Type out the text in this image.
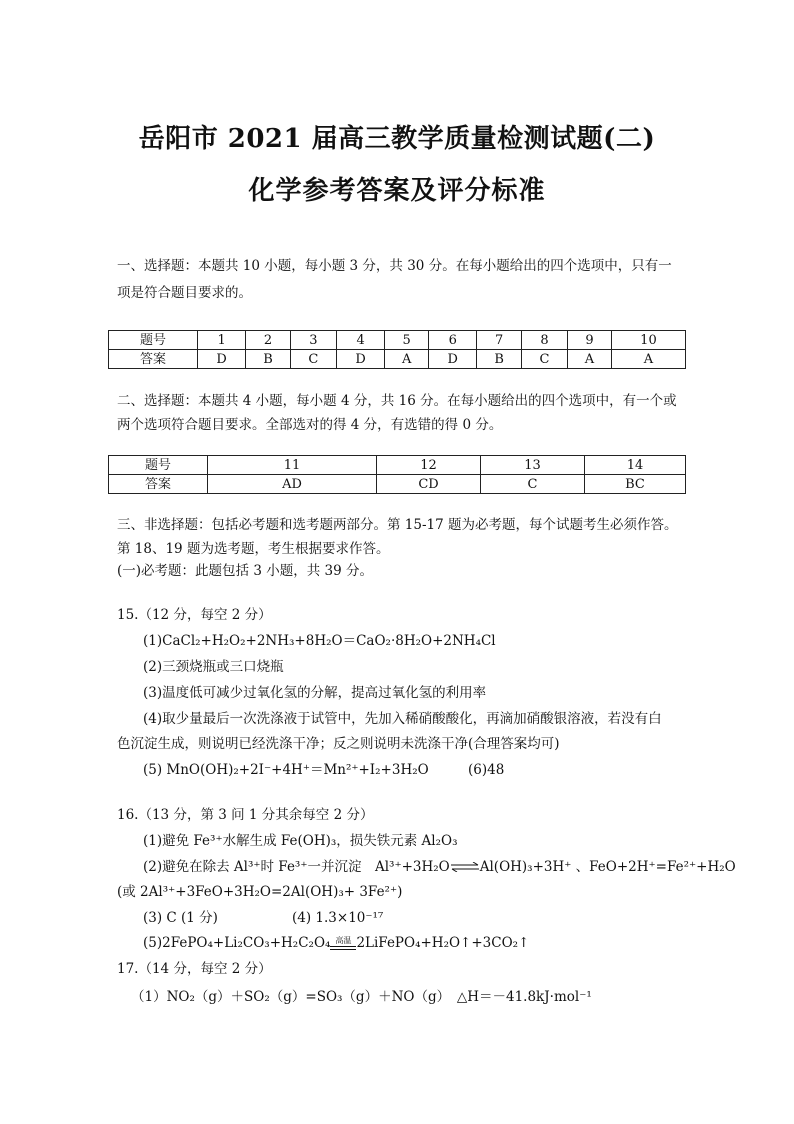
岳阳市 2021 届高三教学质量检测试题(二)
化学参考答案及评分标准
一、选择题：本题共 10 小题，每小题 3 分，共 30 分。在每小题给出的四个选项中，只有一
项是符合题目要求的。
题号	1	2	3	4	5	6	7	8	9	10
答案	D	B	C	D	A	D	B	C	A	A
二、选择题：本题共 4 小题，每小题 4 分，共 16 分。在每小题给出的四个选项中，有一个或
两个选项符合题目要求。全部选对的得 4 分，有选错的得 0 分。
题号	11	12	13	14
答案	AD	CD	C	BC
三、非选择题：包括必考题和选考题两部分。第 15-17 题为必考题，每个试题考生必须作答。
第 18、19 题为选考题，考生根据要求作答。
(一)必考题：此题包括 3 小题，共 39 分。
15.（12 分，每空 2 分）
(1)CaCl₂+H₂O₂+2NH₃+8H₂O＝CaO₂·8H₂O+2NH₄Cl
(2)三颈烧瓶或三口烧瓶
(3)温度低可减少过氧化氢的分解，提高过氧化氢的利用率
(4)取少量最后一次洗涤液于试管中，先加入稀硝酸酸化，再滴加硝酸银溶液，若没有白
色沉淀生成，则说明已经洗涤干净；反之则说明未洗涤干净(合理答案均可)
(5) MnO(OH)₂+2I⁻+4H⁺＝Mn²⁺+I₂+3H₂O	(6)48
16.（13 分，第 3 问 1 分其余每空 2 分）
(1)避免 Fe³⁺水解生成 Fe(OH)₃，损失铁元素 Al₂O₃
(2)避免在除去 Al³⁺时 Fe³⁺一并沉淀　Al³⁺+3H₂O⇌Al(OH)₃+3H⁺ 、FeO+2H⁺=Fe²⁺+H₂O
(或 2Al³⁺+3FeO+3H₂O=2Al(OH)₃+ 3Fe²⁺)
(3) C (1 分)	(4) 1.3×10⁻¹⁷
(5)2FePO₄+Li₂CO₃+H₂C₂O₄ 高温 2LiFePO₄+H₂O↑+3CO₂↑
17.（14 分，每空 2 分）
（1）NO₂（g）＋SO₂（g）=SO₃（g）＋NO（g）　△H＝－41.8kJ·mol⁻¹
